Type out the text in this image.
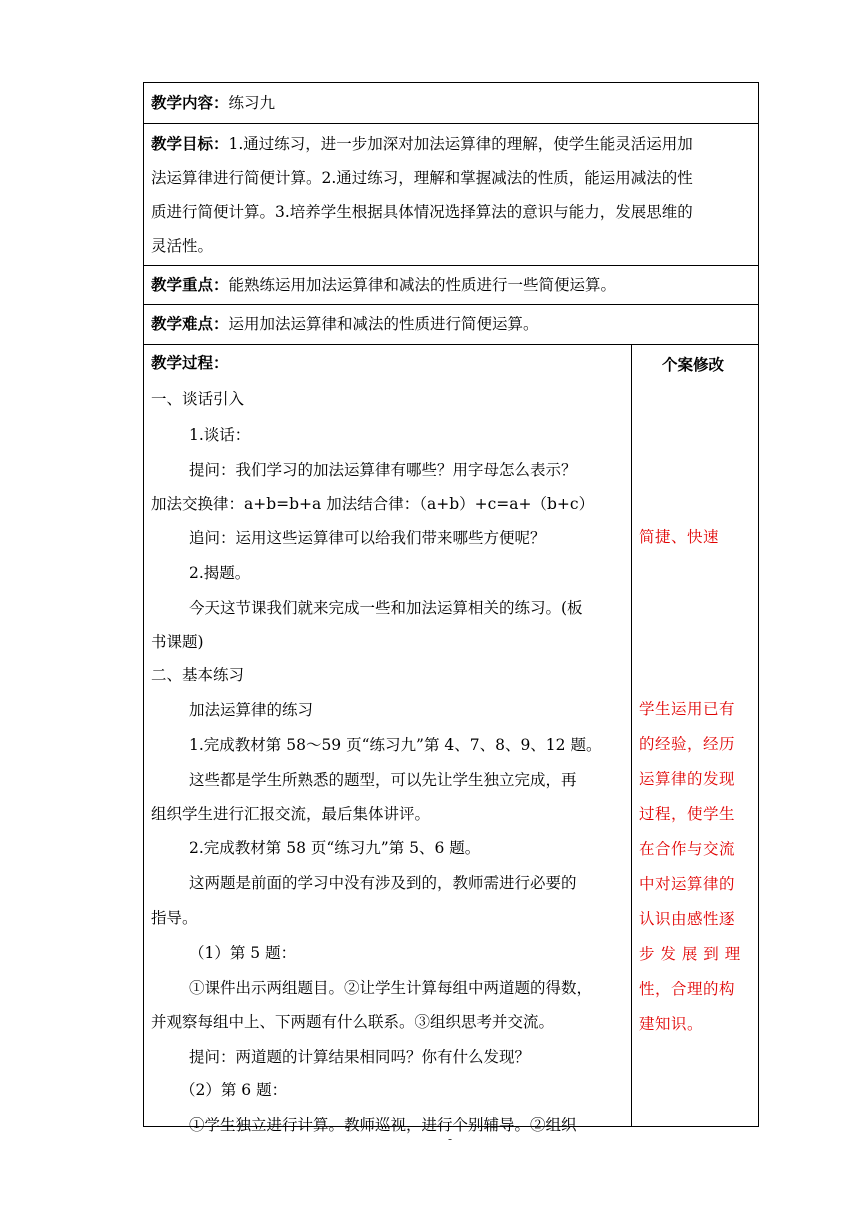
教学内容：练习九
教学目标：1.通过练习，进一步加深对加法运算律的理解，使学生能灵活运用加
法运算律进行简便计算。2.通过练习，理解和掌握减法的性质，能运用减法的性
质进行简便计算。3.培养学生根据具体情况选择算法的意识与能力，发展思维的
灵活性。
教学重点：能熟练运用加法运算律和减法的性质进行一些简便运算。
教学难点：运用加法运算律和减法的性质进行简便运算。
教学过程：
一、谈话引入
1.谈话：
提问：我们学习的加法运算律有哪些？用字母怎么表示？
加法交换律：a+b=b+a 加法结合律：（a+b）+c=a+（b+c）
追问：运用这些运算律可以给我们带来哪些方便呢？
2.揭题。
今天这节课我们就来完成一些和加法运算相关的练习。(板
书课题)
二、基本练习
加法运算律的练习
1.完成教材第 58～59 页“练习九”第 4、7、8、9、12 题。
这些都是学生所熟悉的题型，可以先让学生独立完成，再
组织学生进行汇报交流，最后集体讲评。
2.完成教材第 58 页“练习九”第 5、6 题。
这两题是前面的学习中没有涉及到的，教师需进行必要的
指导。
（1）第 5 题：
①课件出示两组题目。②让学生计算每组中两道题的得数，
并观察每组中上、下两题有什么联系。③组织思考并交流。
提问：两道题的计算结果相同吗？你有什么发现？
（2）第 6 题：
①学生独立进行计算。教师巡视，进行个别辅导。②组织
个案修改
简捷、快速
学生运用已有
的经验，经历
运算律的发现
过程，使学生
在合作与交流
中对运算律的
认识由感性逐
步 发 展 到 理
性，合理的构
建知识。
-
